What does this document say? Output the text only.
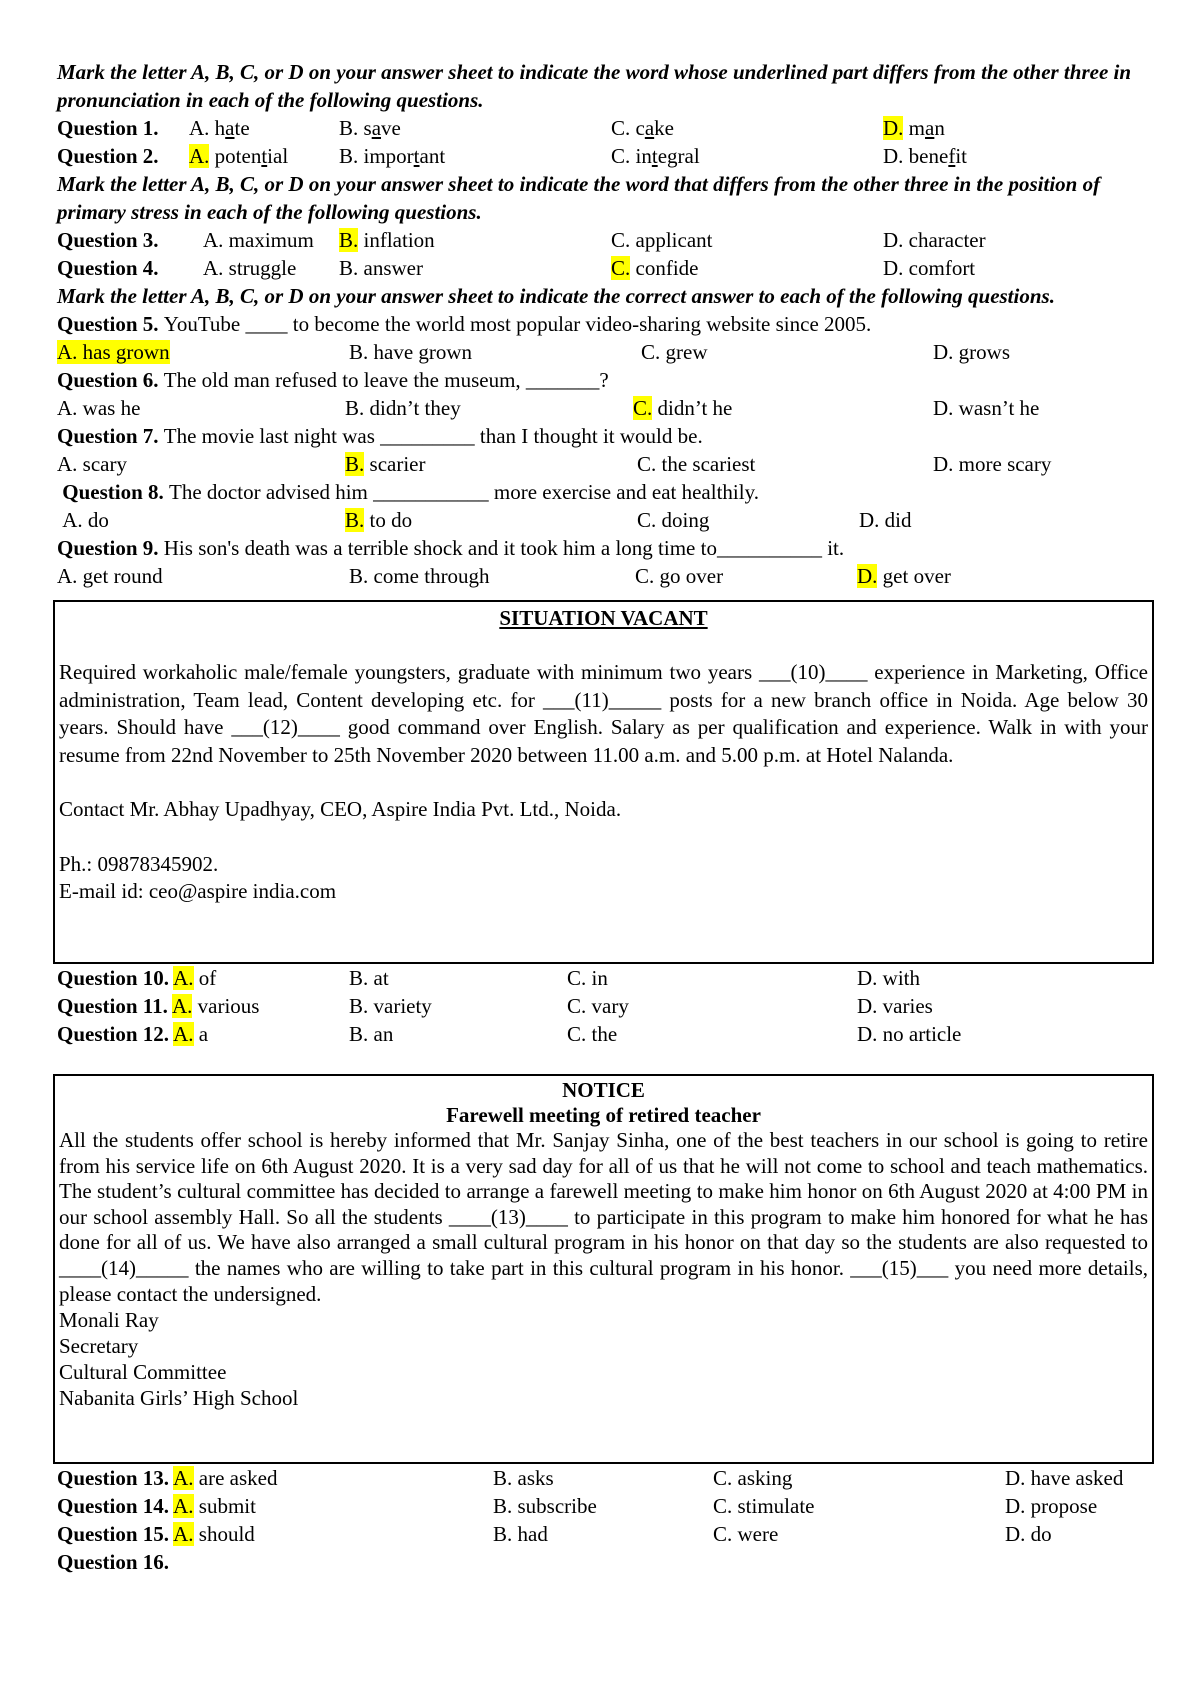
Mark the letter A, B, C, or D on your answer sheet to indicate the word whose underlined part differs from the other three in pronunciation in each of the following questions.
Question 1.	A. hate	B. save	C. cake	D. man
Question 2.	A. potential	B. important	C. integral	D. benefit
Mark the letter A, B, C, or D on your answer sheet to indicate the word that differs from the other three in the position of primary stress in each of the following questions.
Question 3.	A. maximum	B. inflation	C. applicant	D. character
Question 4.	A. struggle	B. answer	C. confide	D. comfort
Mark the letter A, B, C, or D on your answer sheet to indicate the correct answer to each of the following questions.
Question 5.
YouTube ____ to become the world most popular video-sharing website since 2005.
A. has grown	B. have grown	C. grew	D. grows
Question 6.
The old man refused to leave the museum, _______?
A. was he	B. didn’t they	C. didn’t he	D. wasn’t he
Question 7.
The movie last night was _________ than I thought it would be.
A. scary	B. scarier	C. the scariest	D. more scary

Question 8.
The doctor advised him ___________ more exercise and eat healthily.
A. do	B. to do	C. doing	D. did
Question 9.
His son's death was a terrible shock and it took him a long time to__________ it.
A. get round	B. come through	C. go over	D. get over
SITUATION VACANT

Required workaholic male/female youngsters, graduate with minimum two years ___(10)____ experience in Marketing, Office administration, Team lead, Content developing etc. for ___(11)_____ posts for a new branch office in Noida. Age below 30 years. Should have ___(12)____ good command over English. Salary as per qualification and experience. Walk in with your resume from 22nd November to 25th November 2020 between 11.00 a.m. and 5.00 p.m. at Hotel Nalanda.

Contact Mr. Abhay Upadhyay, CEO, Aspire India Pvt. Ltd., Noida.

Ph.: 09878345902.

E-mail id: ceo@aspire india.com

Question 10. A. of	B. at	C. in	D. with
Question 11. A. various	B. variety	C. vary	D. varies
Question 12. A. a	B. an	C. the	D. no article
NOTICE
Farewell meeting of retired teacher

All the students offer school is hereby informed that Mr. Sanjay Sinha, one of the best teachers in our school is going to retire from his service life on 6th August 2020. It is a very sad day for all of us that he will not come to school and teach mathematics. The student’s cultural committee has decided to arrange a farewell meeting to make him honor on 6th August 2020 at 4:00 PM in our school assembly Hall. So all the students ____(13)____ to participate in this program to make him honored for what he has done for all of us. We have also arranged a small cultural program in his honor on that day so the students are also requested to ____(14)_____ the names who are willing to take part in this cultural program in his honor. ___(15)___ you need more details, please contact the undersigned.

Monali Ray

Secretary

Cultural Committee

Nabanita Girls’ High School

Question 13. A. are asked	B. asks	C. asking	D. have asked
Question 14. A. submit	B. subscribe	C. stimulate	D. propose
Question 15. A. should	B. had	C. were	D. do
Question 16.
